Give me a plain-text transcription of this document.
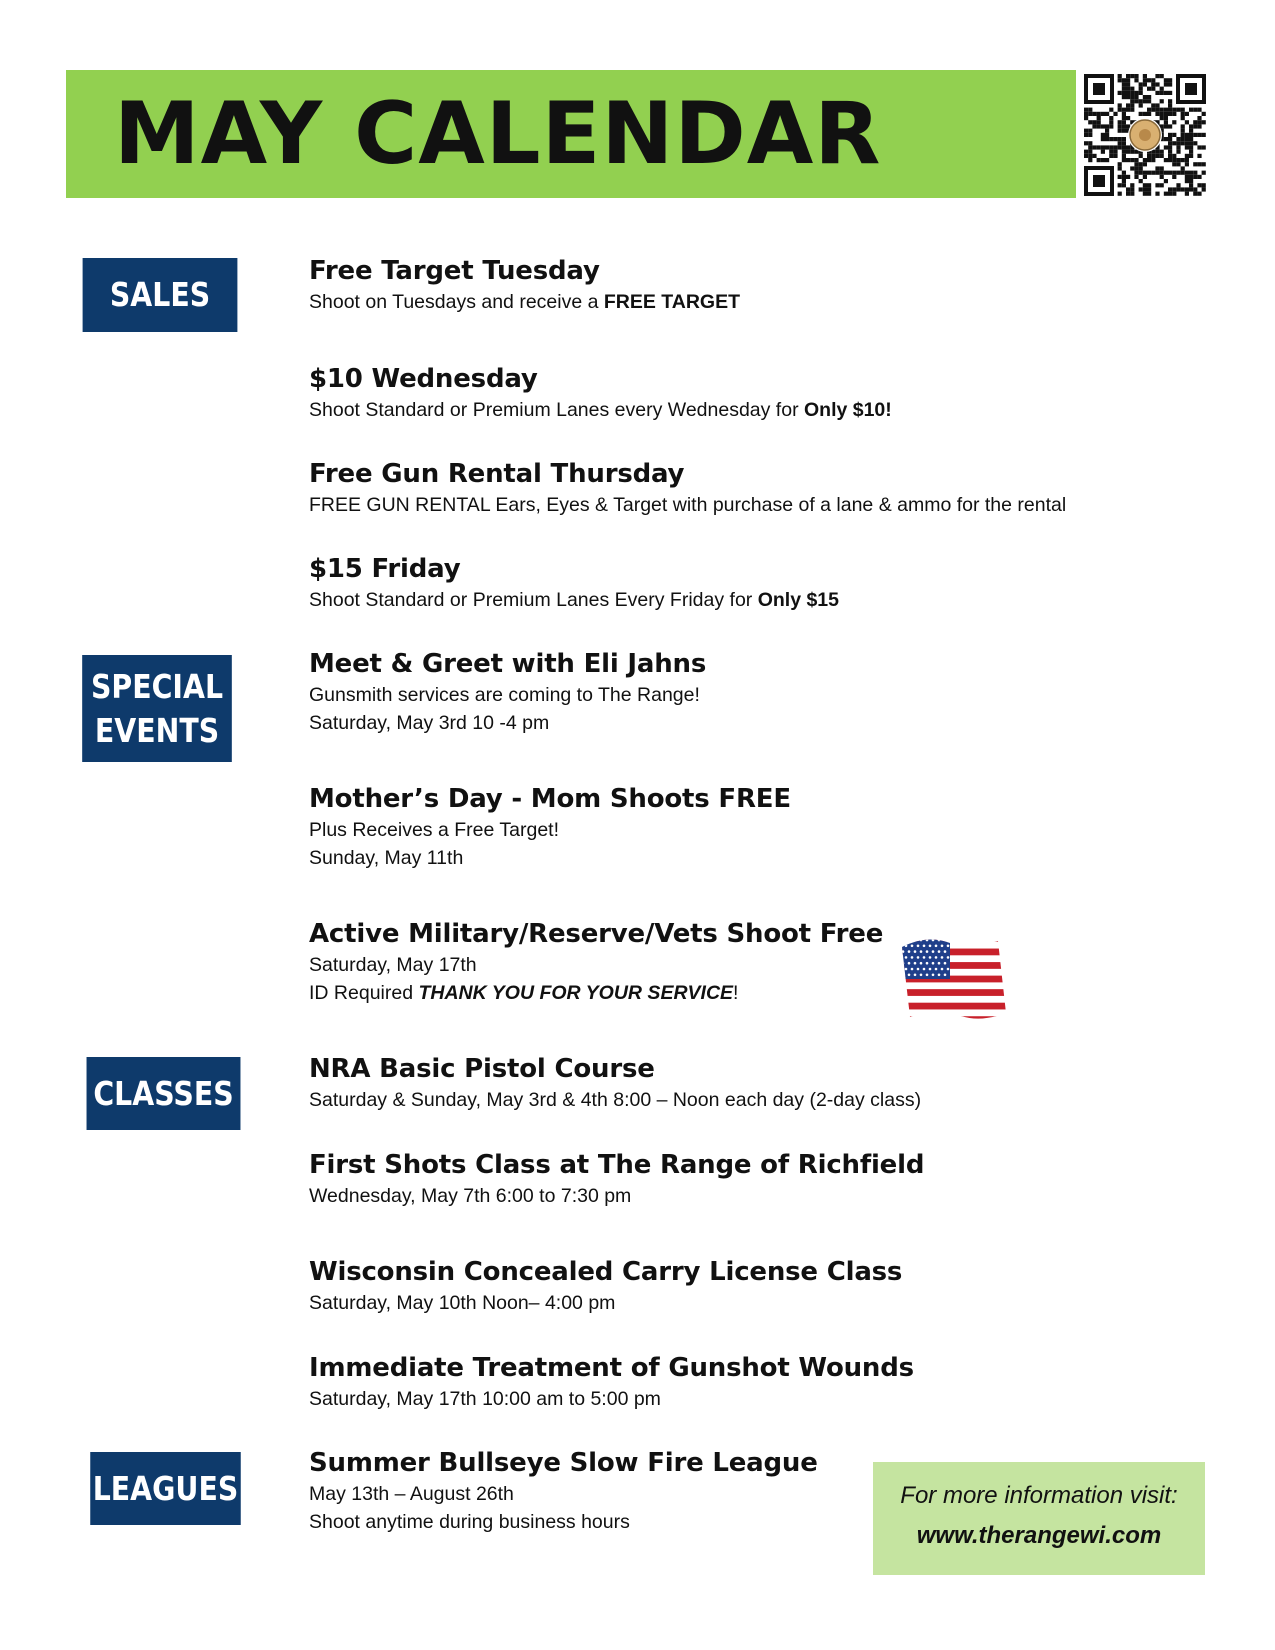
MAY CALENDAR
SALES
SPECIAL
EVENTS
CLASSES
LEAGUES
Free Target Tuesday
Shoot on Tuesdays and receive a FREE TARGET
$10 Wednesday
Shoot Standard or Premium Lanes every Wednesday for Only $10!
Free Gun Rental Thursday
FREE GUN RENTAL Ears, Eyes & Target with purchase of a lane & ammo for the rental
$15 Friday
Shoot Standard or Premium Lanes Every Friday for Only $15
Meet & Greet with Eli Jahns
Gunsmith services are coming to The Range!
Saturday, May 3rd 10 -4 pm
Mother’s Day - Mom Shoots FREE
Plus Receives a Free Target!
Sunday, May 11th
Active Military/Reserve/Vets Shoot Free
Saturday, May 17th
ID Required THANK YOU FOR YOUR SERVICE!
NRA Basic Pistol Course
Saturday & Sunday, May 3rd & 4th 8:00 – Noon each day (2-day class)
First Shots Class at The Range of Richfield
Wednesday, May 7th 6:00 to 7:30 pm
Wisconsin Concealed Carry License Class
Saturday, May 10th Noon– 4:00 pm
Immediate Treatment of Gunshot Wounds
Saturday, May 17th 10:00 am to 5:00 pm
Summer Bullseye Slow Fire League
May 13th – August 26th
Shoot anytime during business hours
For more information visit:
www.therangewi.com
